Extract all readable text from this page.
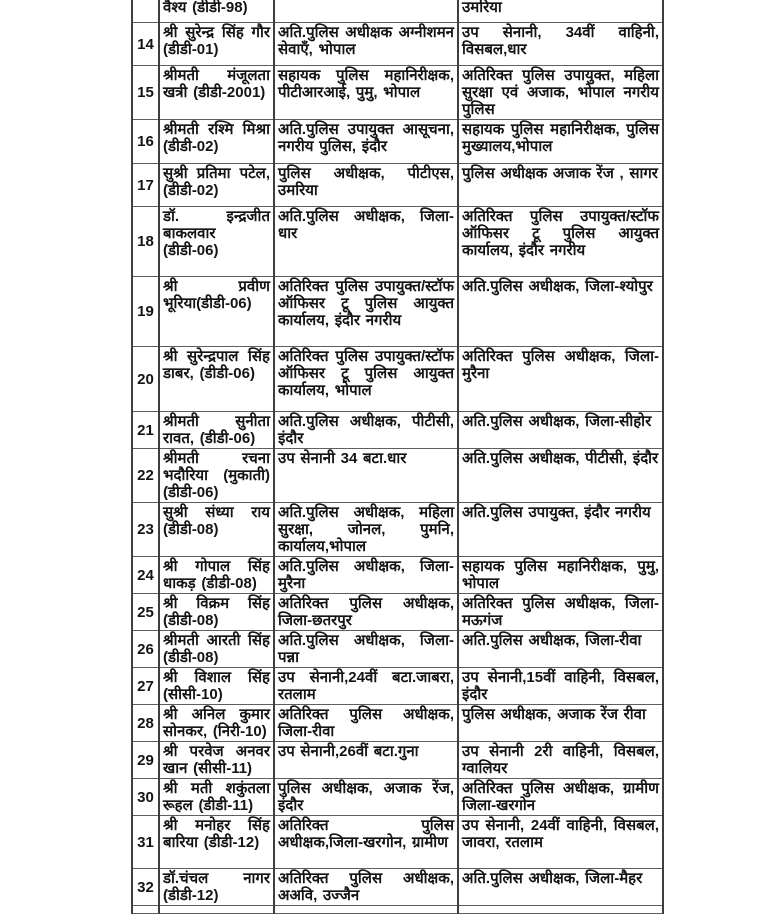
	वैश्य (डीडी-98)		उमरिया
14	श्री सुरेन्द्र सिंह गौर (डीडी-01)	अति.पुलिस अधीक्षक अग्नीशमन सेवाएँ, भोपाल	उप सेनानी, 34वीं वाहिनी, विसबल,धार
15	श्रीमती मंजूलता खत्री (डीडी-2001)	सहायक पुलिस महानिरीक्षक, पीटीआरआई, पुमु, भोपाल	अतिरिक्त पुलिस उपायुक्त, महिला सुरक्षा एवं अजाक, भोपाल नगरीय पुलिस
16	श्रीमती रश्मि मिश्रा (डीडी-02)	अति.पुलिस उपायुक्त आसूचना, नगरीय पुलिस, इंदौर	सहायक पुलिस महानिरीक्षक, पुलिस मुख्यालय,भोपाल
17	सुश्री प्रतिमा पटेल, (डीडी-02)	पुलिस अधीक्षक, पीटीएस, उमरिया	पुलिस अधीक्षक अजाक रेंज , सागर
18	डॉ. इन्द्रजीत बाकलवार (डीडी-06)	अति.पुलिस अधीक्षक, जिला-धार	अतिरिक्त पुलिस उपायुक्त/स्टॉफ ऑफिसर टू पुलिस आयुक्त कार्यालय, इंदौर नगरीय
19	श्री प्रवीण भूरिया(डीडी-06)	अतिरिक्त पुलिस उपायुक्त/स्टॉफ ऑफिसर टू पुलिस आयुक्त कार्यालय, इंदौर नगरीय	अति.पुलिस अधीक्षक, जिला-श्योपुर
20	श्री सुरेन्द्रपाल सिंह डाबर, (डीडी-06)	अतिरिक्त पुलिस उपायुक्त/स्टॉफ ऑफिसर टू पुलिस आयुक्त कार्यालय, भोपाल	अतिरिक्त पुलिस अधीक्षक, जिला-मुरैना
21	श्रीमती सुनीता रावत, (डीडी-06)	अति.पुलिस अधीक्षक, पीटीसी, इंदौर	अति.पुलिस अधीक्षक, जिला-सीहोर
22	श्रीमती रचना भदौरिया (मुकाती) (डीडी-06)	उप सेनानी 34 बटा.धार	अति.पुलिस अधीक्षक, पीटीसी, इंदौर
23	सुश्री संध्या राय (डीडी-08)	अति.पुलिस अधीक्षक, महिला सुरक्षा, जोनल, पुमनि, कार्यालय,भोपाल	अति.पुलिस उपायुक्त, इंदौर नगरीय
24	श्री गोपाल सिंह धाकड़ (डीडी-08)	अति.पुलिस अधीक्षक, जिला-मुरैना	सहायक पुलिस महानिरीक्षक, पुमु, भोपाल
25	श्री विक्रम सिंह (डीडी-08)	अतिरिक्त पुलिस अधीक्षक, जिला-छतरपुर	अतिरिक्त पुलिस अधीक्षक, जिला-मऊगंज
26	श्रीमती आरती सिंह (डीडी-08)	अति.पुलिस अधीक्षक, जिला-पन्ना	अति.पुलिस अधीक्षक, जिला-रीवा
27	श्री विशाल सिंह (सीसी-10)	उप सेनानी,24वीं बटा.जाबरा, रतलाम	उप सेनानी,15वीं वाहिनी, विसबल, इंदौर
28	श्री अनिल कुमार सोनकर, (निरी-10)	अतिरिक्त पुलिस अधीक्षक, जिला-रीवा	पुलिस अधीक्षक, अजाक रेंज रीवा
29	श्री परवेज अनवर खान (सीसी-11)	उप सेनानी,26वीं बटा.गुना	उप सेनानी 2री वाहिनी, विसबल, ग्वालियर
30	श्री मती शकुंतला रूहल (डीडी-11)	पुलिस अधीक्षक, अजाक रेंज, इंदौर	अतिरिक्त पुलिस अधीक्षक, ग्रामीण जिला-खरगोन
31	श्री मनोहर सिंह बारिया (डीडी-12)	अतिरिक्त पुलिस अधीक्षक,जिला-खरगोन, ग्रामीण	उप सेनानी, 24वीं वाहिनी, विसबल, जावरा, रतलाम
32	डॉ.चंचल नागर (डीडी-12)	अतिरिक्त पुलिस अधीक्षक, अअवि, उज्जैन	अति.पुलिस अधीक्षक, जिला-मैहर
